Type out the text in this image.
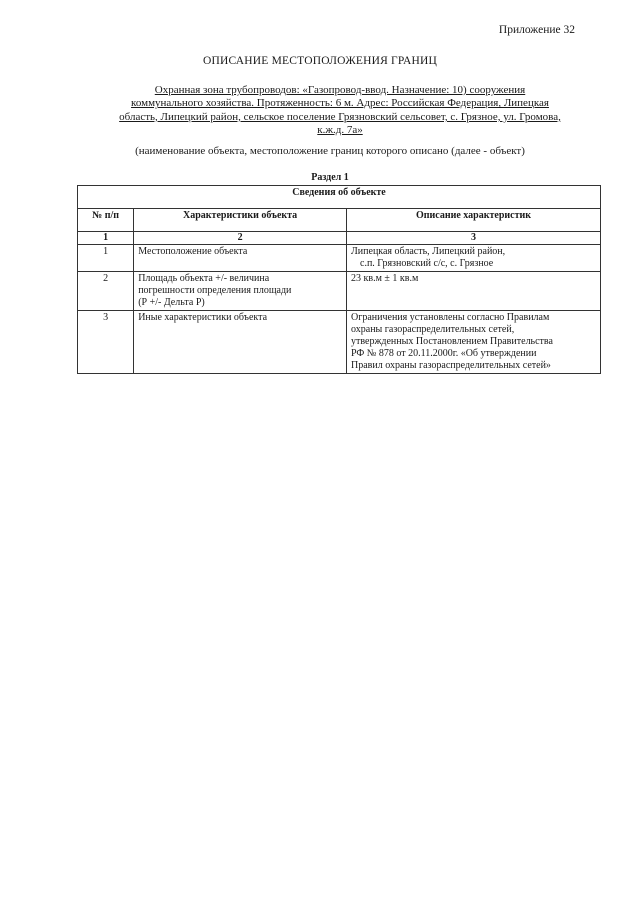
Приложение 32
ОПИСАНИЕ МЕСТОПОЛОЖЕНИЯ ГРАНИЦ
Охранная зона трубопроводов: «Газопровод-ввод. Назначение: 10) сооружения
коммунального хозяйства. Протяженность: 6 м. Адрес: Российская Федерация, Липецкая
область, Липецкий район, сельское поселение Грязновский сельсовет, с. Грязное, ул. Громова,
к.ж.д. 7а»
(наименование объекта, местоположение границ которого описано (далее - объект)
Раздел 1
Сведения об объекте		
№ п/п	Характеристики объекта	Описание характеристик
1	2	3
1	Местоположение объекта	Липецкая область, Липецкий район,
с.п. Грязновский с/с, с. Грязное

2	Площадь объекта +/- величина
погрешности определения площади
(Р +/- Дельта Р)	23 кв.м ± 1 кв.м

3	Иные характеристики объекта	Ограничения установлены согласно Правилам
охраны газораспределительных сетей,
утвержденных Постановлением Правительства
РФ № 878 от 20.11.2000г. «Об утверждении
Правил охраны газораспределительных сетей»
